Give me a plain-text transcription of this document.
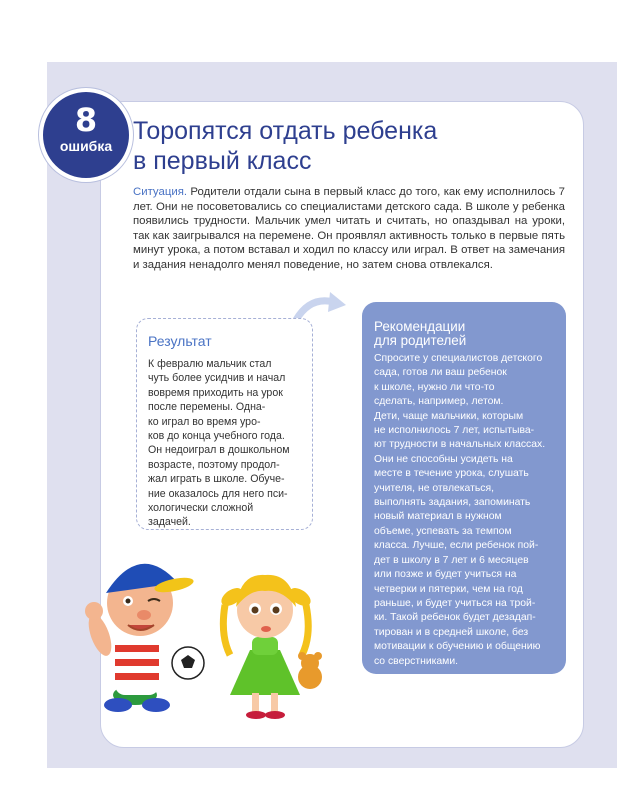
8
ошибка
Торопятся отдать ребенка
в первый класс

Ситуация. Родители отдали сына в первый класс до того, как ему исполнилось 7 лет. Они не посоветовались со специалистами детского сада. В школе у ребенка появились трудности. Мальчик умел читать и считать, но опаздывал на уроки, так как заигрывался на перемене. Он проявлял активность только в первые пять минут урока, а потом вставал и ходил по классу или играл. В ответ на замечания и задания ненадолго менял поведение, но затем снова отвлекался.

Результат

К февралю мальчик стал
чуть более усидчив и начал
вовремя приходить на урок
после перемены. Одна-
ко играл во время уро-
ков до конца учебного года.
Он недоиграл в дошкольном
возрасте, поэтому продол-
жал играть в школе. Обуче-
ние оказалось для него пси-
хологически сложной
задачей.

Рекомендации
для родителей

Спросите у специалистов детского
сада, готов ли ваш ребенок
к школе, нужно ли что-то
сделать, например, летом.
Дети, чаще мальчики, которым
не исполнилось 7 лет, испытыва-
ют трудности в начальных классах.
Они не способны усидеть на
месте в течение урока, слушать
учителя, не отвлекаться,
выполнять задания, запоминать
новый материал в нужном
объеме, успевать за темпом
класса. Лучше, если ребенок пой-
дет в школу в 7 лет и 6 месяцев
или позже и будет учиться на
четверки и пятерки, чем на год
раньше, и будет учиться на трой-
ки. Такой ребенок будет дезадап-
тирован и в средней школе, без
мотивации к обучению и общению
со сверстниками.
